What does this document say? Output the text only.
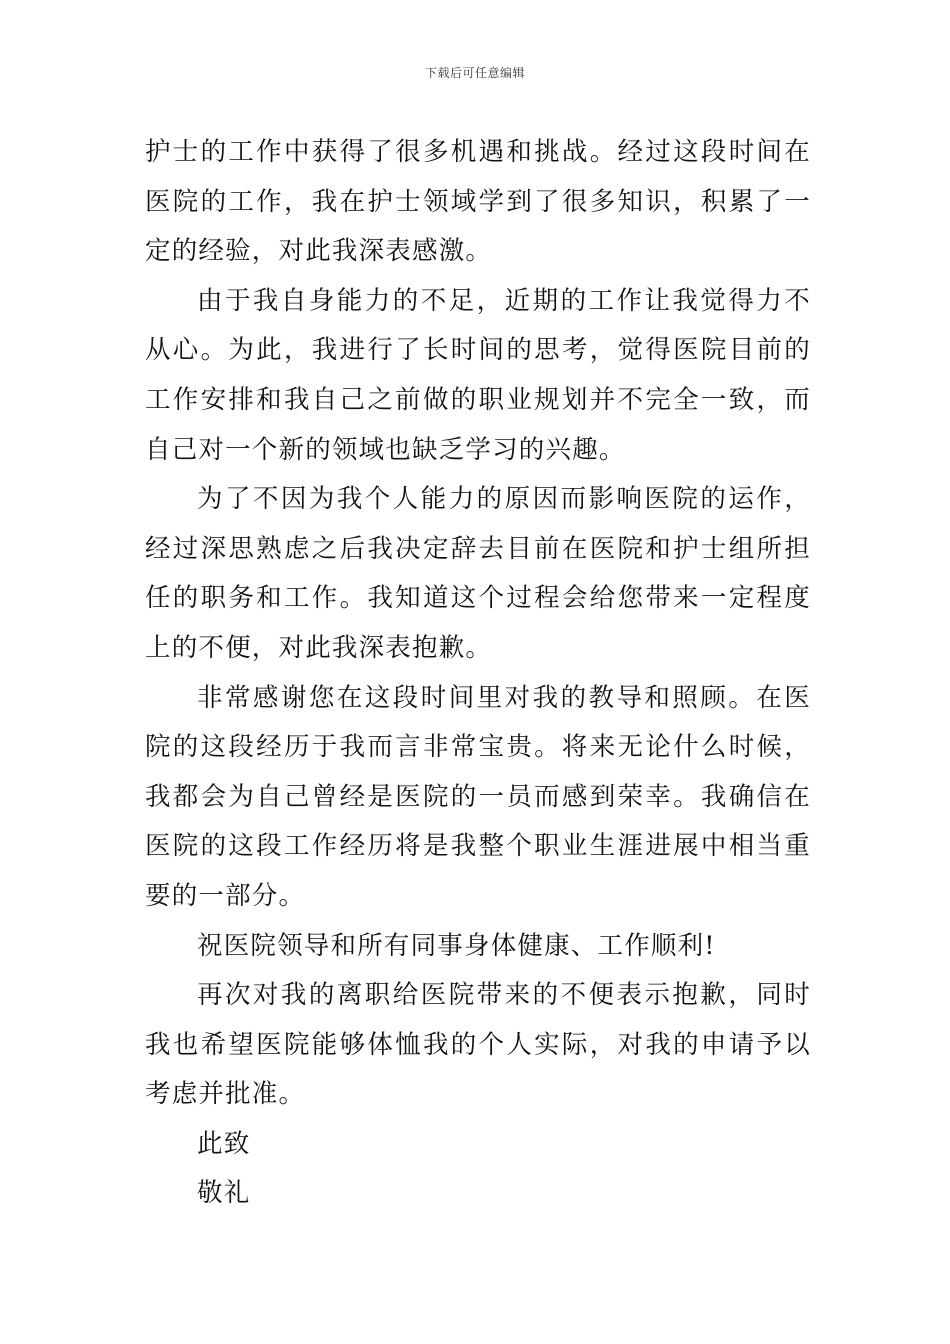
下载后可任意编辑

护士的工作中获得了很多机遇和挑战。经过这段时间在医院的工作，我在护士领域学到了很多知识，积累了一定的经验，对此我深表感激。

由于我自身能力的不足，近期的工作让我觉得力不从心。为此，我进行了长时间的思考，觉得医院目前的工作安排和我自己之前做的职业规划并不完全一致，而自己对一个新的领域也缺乏学习的兴趣。

为了不因为我个人能力的原因而影响医院的运作，经过深思熟虑之后我决定辞去目前在医院和护士组所担任的职务和工作。我知道这个过程会给您带来一定程度上的不便，对此我深表抱歉。

非常感谢您在这段时间里对我的教导和照顾。在医院的这段经历于我而言非常宝贵。将来无论什么时候，我都会为自己曾经是医院的一员而感到荣幸。我确信在医院的这段工作经历将是我整个职业生涯进展中相当重要的一部分。

祝医院领导和所有同事身体健康、工作顺利!

再次对我的离职给医院带来的不便表示抱歉，同时我也希望医院能够体恤我的个人实际，对我的申请予以考虑并批准。

此致

敬礼
